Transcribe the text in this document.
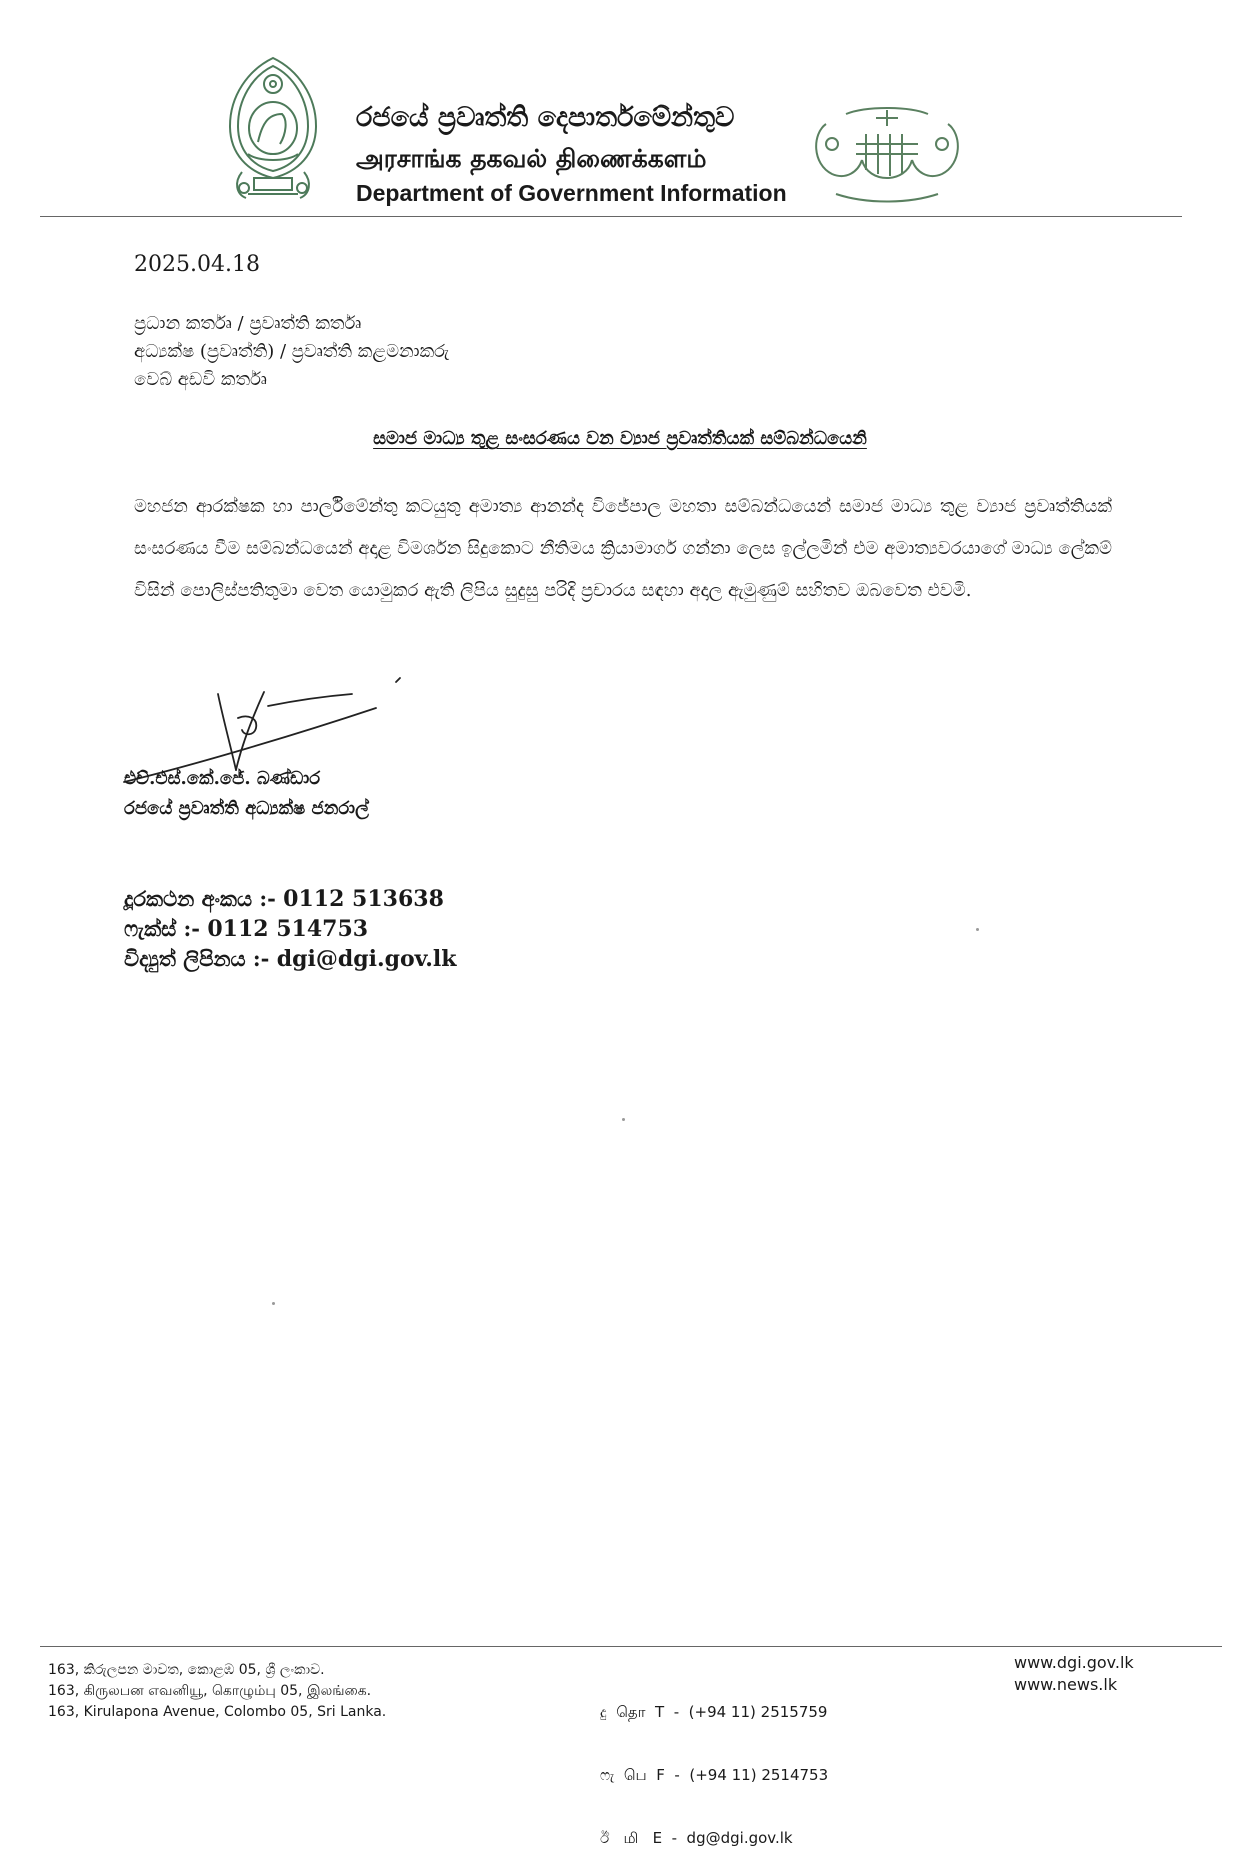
රජයේ ප්‍රවෘත්ති දෙපාර්තමේන්තුව
அரசாங்க தகவல் திணைக்களம்
Department of Government Information
2025.04.18
ප්‍රධාන කර්තෘ / ප්‍රවෘත්ති කර්තෘ
අධ්‍යක්ෂ (ප්‍රවෘත්ති) / ප්‍රවෘත්ති කළමනාකරු
වෙබ් අඩවි කර්තෘ
සමාජ මාධ්‍ය තුළ සංසරණය වන ව්‍යාජ ප්‍රවෘත්තියක් සම්බන්ධයෙනි
මහජන ආරක්ෂක හා පාර්ලිමේන්තු කටයුතු අමාත්‍ය ආනන්ද විජේපාල මහතා සම්බන්ධයෙන් සමාජ මාධ්‍ය තුළ ව්‍යාජ ප්‍රවෘත්තියක් සංසරණය වීම සම්බන්ධයෙන් අදාළ විමර්ශන සිදුකොට නීතිමය ක්‍රියාමාර්ග ගන්නා ලෙස ඉල්ලමින් එම අමාත්‍යවරයාගේ මාධ්‍ය ලේකම් විසින් පොලිස්පතිතුමා වෙත යොමුකර ඇති ලිපිය සුදුසු පරිදි ප්‍රචාරය සඳහා අදාල ඇමුණුම් සහිතව ඔබවෙත එවමි.
එච්.එස්.කේ.ජේ. බණ්ඩාර
රජයේ ප්‍රවෘත්ති අධ්‍යක්ෂ ජනරාල්
දූරකථන අංකය :- 0112 513638
ෆැක්ස් :- 0112 514753
විද්‍යුත් ලිපිනය :- dgi@dgi.gov.lk
163, කිරුලපන මාවත, කොළඹ 05, ශ්‍රී ලංකාව.
163, கிருலபன எவனியூ, கொழும்பு 05, இலங்கை.
163, Kirulapona Avenue, Colombo 05, Sri Lanka.

	දු  தொ  T  -  (+94 11) 2515759

ෆැ  பெ  F  -  (+94 11) 2514753

ඊ   மி   E  -  dg@dgi.gov.lk

www.dgi.gov.lk
www.news.lk
